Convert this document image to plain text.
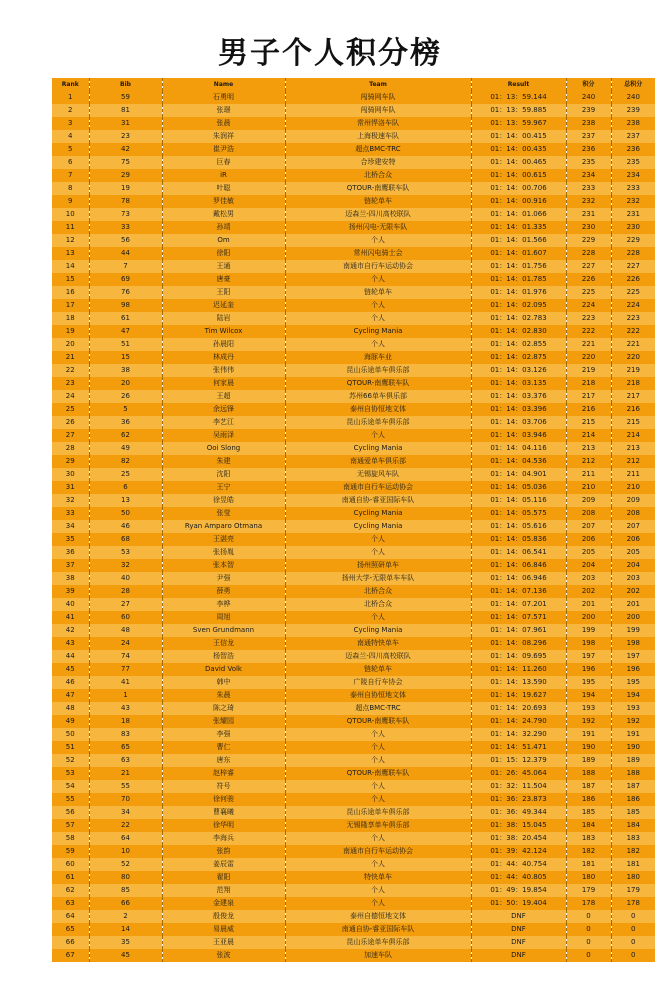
男子个人积分榜
Rank	Bib	Name	Team	Result	积分	总积分
1	59	石勇明	闯骑网车队	01：13：59.144	240	240
2	81	张璟	闯骑网车队	01：13：59.885	239	239
3	31	张晨	常州悍洛车队	01：13：59.967	238	238
4	23	朱润祥	上海极速车队	01：14：00.415	237	237
5	42	崔尹浩	超点BMC-TRC	01：14：00.435	236	236
6	75	巨春	合珍建安特	01：14：00.465	235	235
7	29	iR	北桥合众	01：14：00.615	234	234
8	19	叶聪	QTOUR-南鹰联车队	01：14：00.706	233	233
9	78	罗佳敏	链轮单车	01：14：00.916	232	232
10	73	戴松男	迈森兰-四川高校联队	01：14：01.066	231	231
11	33	孙靖	扬州闪电-无限车队	01：14：01.335	230	230
12	56	Om	个人	01：14：01.566	229	229
13	44	徐阳	常州闪电骑士会	01：14：01.607	228	228
14	7	王通	南通市自行车运动协会	01：14：01.756	227	227
15	69	唐豪	个人	01：14：01.785	226	226
16	76	王阳	链轮单车	01：14：01.976	225	225
17	98	迟延奎	个人	01：14：02.095	224	224
18	61	陆岩	个人	01：14：02.783	223	223
19	47	Tim Wilcox	Cycling Mania	01：14：02.830	222	222
20	51	孙晨阳	个人	01：14：02.855	221	221
21	15	林成丹	海豚车业	01：14：02.875	220	220
22	38	张伟伟	昆山乐途单车俱乐部	01：14：03.126	219	219
23	20	何家晨	QTOUR-南鹰联车队	01：14：03.135	218	218
24	26	王超	苏州66单车俱乐部	01：14：03.376	217	217
25	5	余远锋	泰州自协恒地文体	01：14：03.396	216	216
26	36	李艺江	昆山乐途单车俱乐部	01：14：03.706	215	215
27	62	吴雨泽	个人	01：14：03.946	214	214
28	49	Ooi Slong	Cycling Mania	01：14：04.116	213	213
29	82	朱建	南通爱单车俱乐部	01：14：04.536	212	212
30	25	沈阳	无锡旋风车队	01：14：04.901	211	211
31	6	王宁	南通市自行车运动协会	01：14：05.036	210	210
32	13	徐昱皓	南通自协-睿亚国际车队	01：14：05.116	209	209
33	50	张莹	Cycling Mania	01：14：05.575	208	208
34	46	Ryan Amparo Otmana	Cycling Mania	01：14：05.616	207	207
35	68	王湛亮	个人	01：14：05.836	206	206
36	53	张扬胤	个人	01：14：06.541	205	205
37	32	张本智	扬州照研单车	01：14：06.846	204	204
38	40	尹强	扬州大学-无限单车车队	01：14：06.946	203	203
39	28	薛勇	北桥合众	01：14：07.136	202	202
40	27	李桦	北桥合众	01：14：07.201	201	201
41	60	周旭	个人	01：14：07.571	200	200
42	48	Sven Grundmann	Cycling Mania	01：14：07.961	199	199
43	24	王信龙	南通特快单车	01：14：08.296	198	198
44	74	杨智浩	迈森兰-四川高校联队	01：14：09.695	197	197
45	77	David Volk	链轮单车	01：14：11.260	196	196
46	41	韩中	广陵自行车协会	01：14：13.590	195	195
47	1	朱晨	泰州自协恒地文体	01：14：19.627	194	194
48	43	陈之琦	超点BMC-TRC	01：14：20.693	193	193
49	18	张耀园	QTOUR-南鹰联车队	01：14：24.790	192	192
50	83	李强	个人	01：14：32.290	191	191
51	65	曹仁	个人	01：14：51.471	190	190
52	63	唐东	个人	01：15：12.379	189	189
53	21	赵梓睿	QTOUR-南鹰联车队	01：26：45.064	188	188
54	55	符号	个人	01：32：11.504	187	187
55	70	徐何骏	个人	01：36：23.873	186	186
56	34	曹襄曦	昆山乐途单车俱乐部	01：36：49.344	185	185
57	22	徐华明	无锡隆享单车俱乐部	01：38：15.045	184	184
58	64	李海兵	个人	01：38：20.454	183	183
59	10	张韵	南通市自行车运动协会	01：39：42.124	182	182
60	52	姜辰雷	个人	01：44：40.754	181	181
61	80	翟阳	特快单车	01：44：40.805	180	180
62	85	范翔	个人	01：49：19.854	179	179
63	66	金建泉	个人	01：50：19.404	178	178
64	2	殷俊龙	泰州自德恒地文体	DNF	0	0
65	14	易晨威	南通自协-睿亚国际车队	DNF	0	0
66	35	王亚晨	昆山乐途单车俱乐部	DNF	0	0
67	45	张波	加速车队	DNF	0	0
